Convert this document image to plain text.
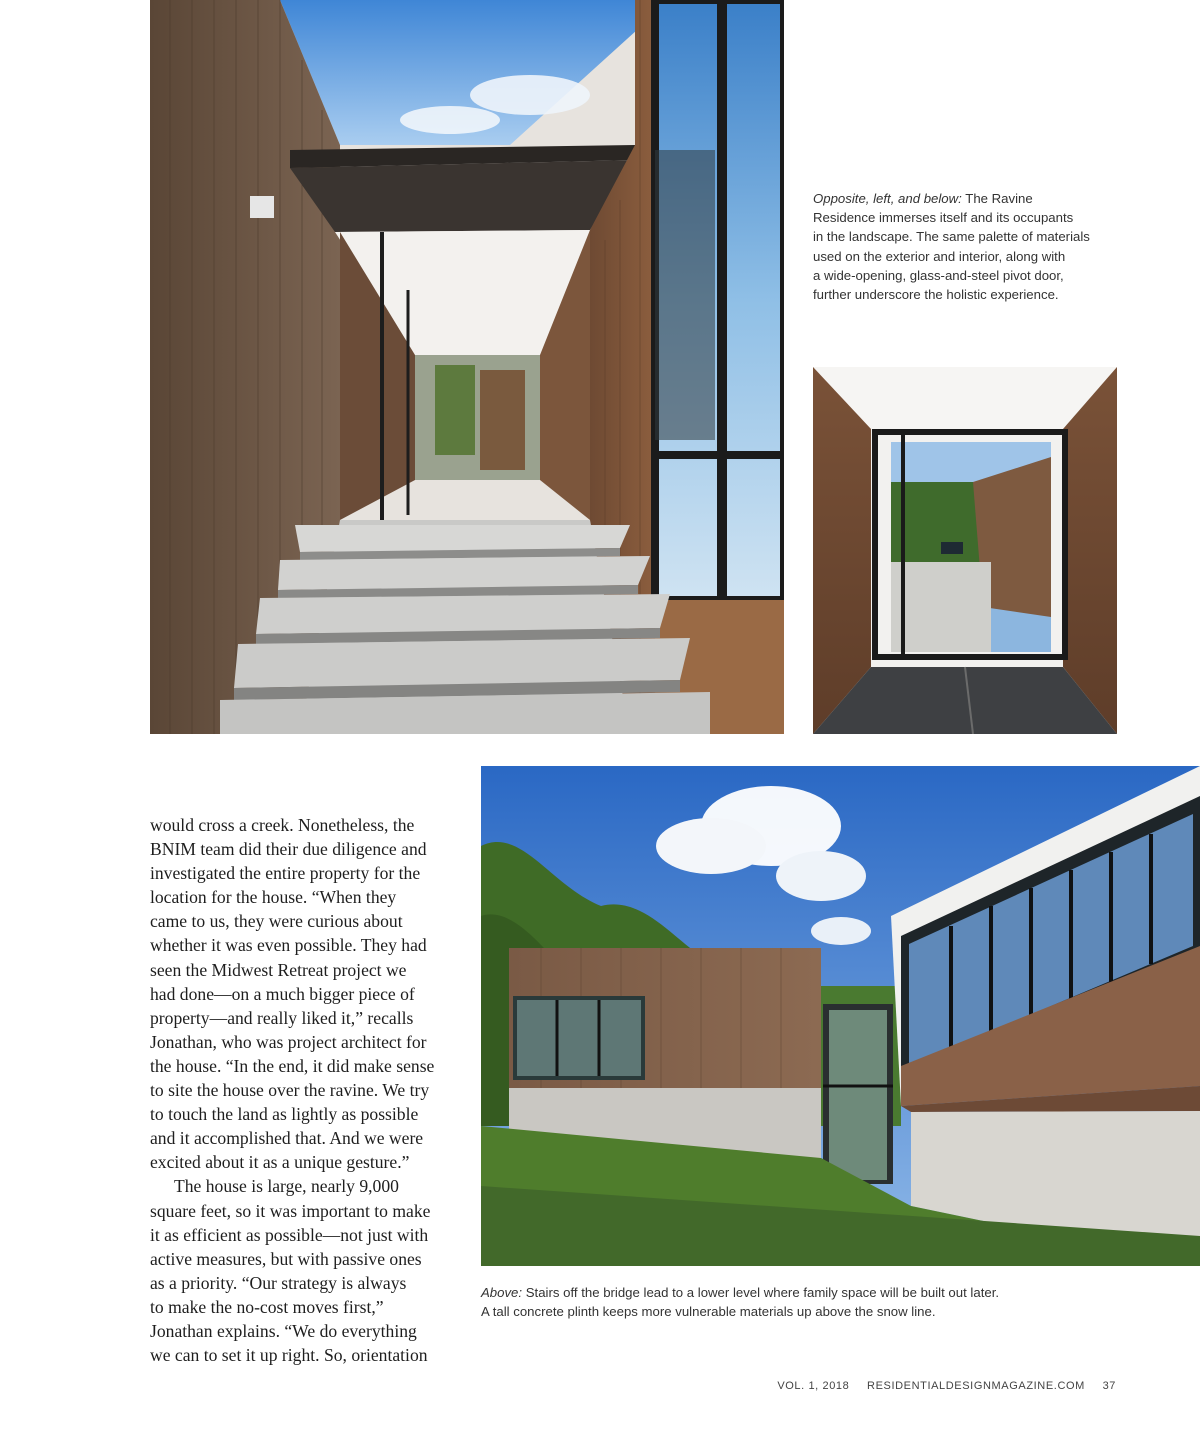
Opposite, left, and below: The Ravine
Residence immerses itself and its occupants
in the landscape. The same palette of materials
used on the exterior and interior, along with
a wide-opening, glass-and-steel pivot door,
further underscore the holistic experience.

would cross a creek. Nonetheless, the
BNIM team did their due diligence and
investigated the entire property for the
location for the house. “When they
came to us, they were curious about
whether it was even possible. They had
seen the Midwest Retreat project we
had done—on a much bigger piece of
property—and really liked it,” recalls
Jonathan, who was project architect for
the house. “In the end, it did make sense
to site the house over the ravine. We try
to touch the land as lightly as possible
and it accomplished that. And we were
excited about it as a unique gesture.”

The house is large, nearly 9,000
square feet, so it was important to make
it as efficient as possible—not just with
active measures, but with passive ones
as a priority. “Our strategy is always
to make the no-cost moves first,”
Jonathan explains. “We do everything
we can to set it up right. So, orientation

Above: Stairs off the bridge lead to a lower level where family space will be built out later.
A tall concrete plinth keeps more vulnerable materials up above the snow line.
VOL. 1, 2018 RESIDENTIALDESIGNMAGAZINE.COM 37
